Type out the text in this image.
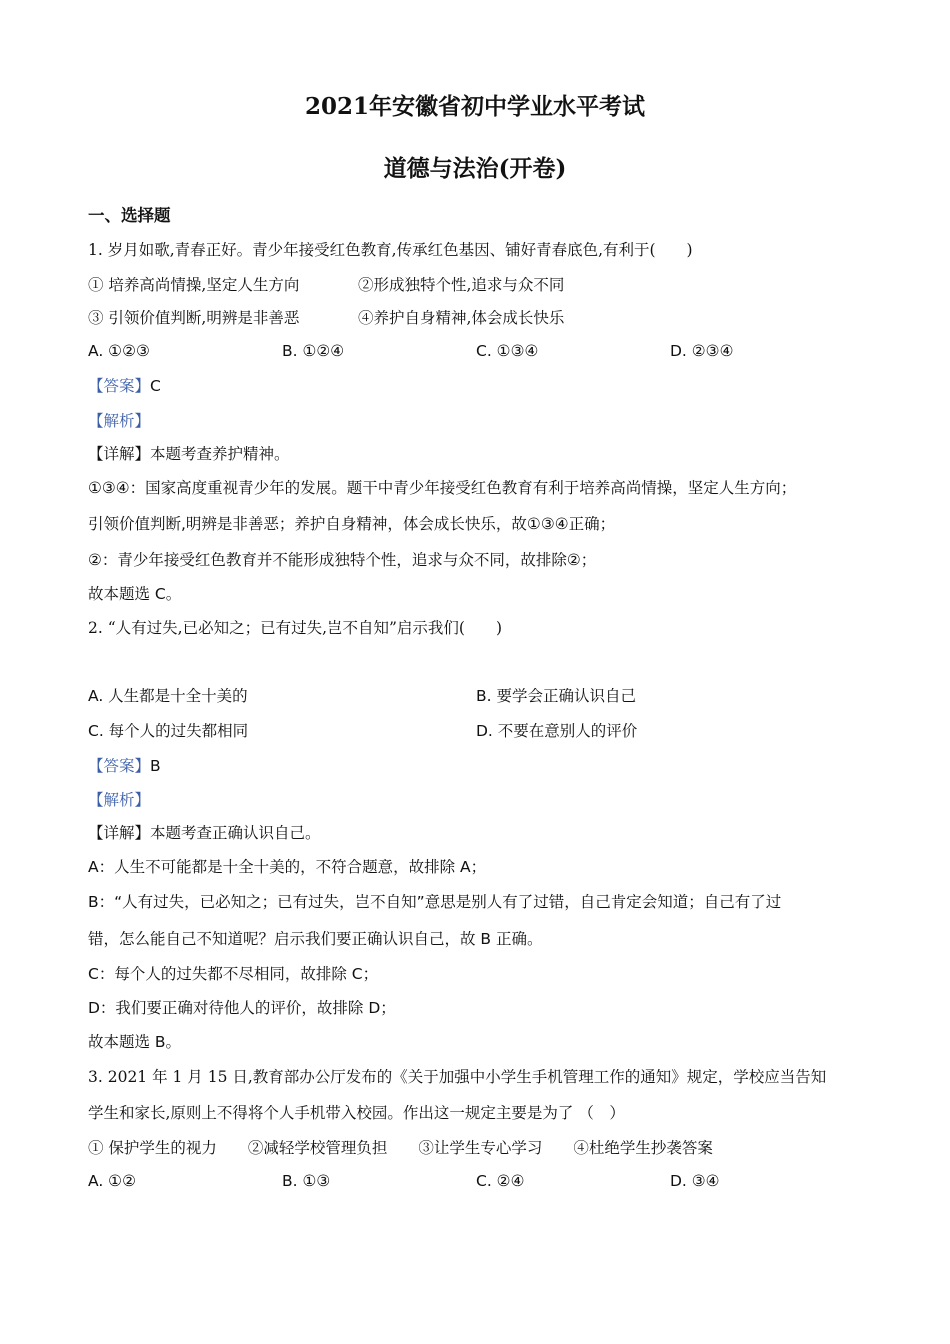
2021年安徽省初中学业水平考试
道德与法治(开卷)
一、选择题
1. 岁月如歌,青春正好。青少年接受红色教育,传承红色基因、铺好青春底色,有利于(　　)
① 培养高尚情操,坚定人生方向	②形成独特个性,追求与众不同
③ 引领价值判断,明辨是非善恶	④养护自身精神,体会成长快乐
A. ①②③	B. ①②④	C. ①③④	D. ②③④
【答案】C
【解析】
【详解】本题考查养护精神。
①③④：国家高度重视青少年的发展。题干中青少年接受红色教育有利于培养高尚情操，坚定人生方向；
引领价值判断,明辨是非善恶；养护自身精神，体会成长快乐，故①③④正确；
②：青少年接受红色教育并不能形成独特个性，追求与众不同，故排除②；
故本题选 C。
2. “人有过失,已必知之；已有过失,岂不自知”启示我们(　　)
A. 人生都是十全十美的	B. 要学会正确认识自己
C. 每个人的过失都相同	D. 不要在意别人的评价
【答案】B
【解析】
【详解】本题考查正确认识自己。
A：人生不可能都是十全十美的，不符合题意，故排除 A；
B：“人有过失，已必知之；已有过失，岂不自知”意思是别人有了过错，自己肯定会知道；自己有了过
错，怎么能自己不知道呢？启示我们要正确认识自己，故 B 正确。
C：每个人的过失都不尽相同，故排除 C；
D：我们要正确对待他人的评价，故排除 D；
故本题选 B。
3. 2021 年 1 月 15 日,教育部办公厅发布的《关于加强中小学生手机管理工作的通知》规定，学校应当告知
学生和家长,原则上不得将个人手机带入校园。作出这一规定主要是为了 （　）
① 保护学生的视力　　②减轻学校管理负担　　③让学生专心学习　　④杜绝学生抄袭答案
A. ①②	B. ①③	C. ②④	D. ③④
